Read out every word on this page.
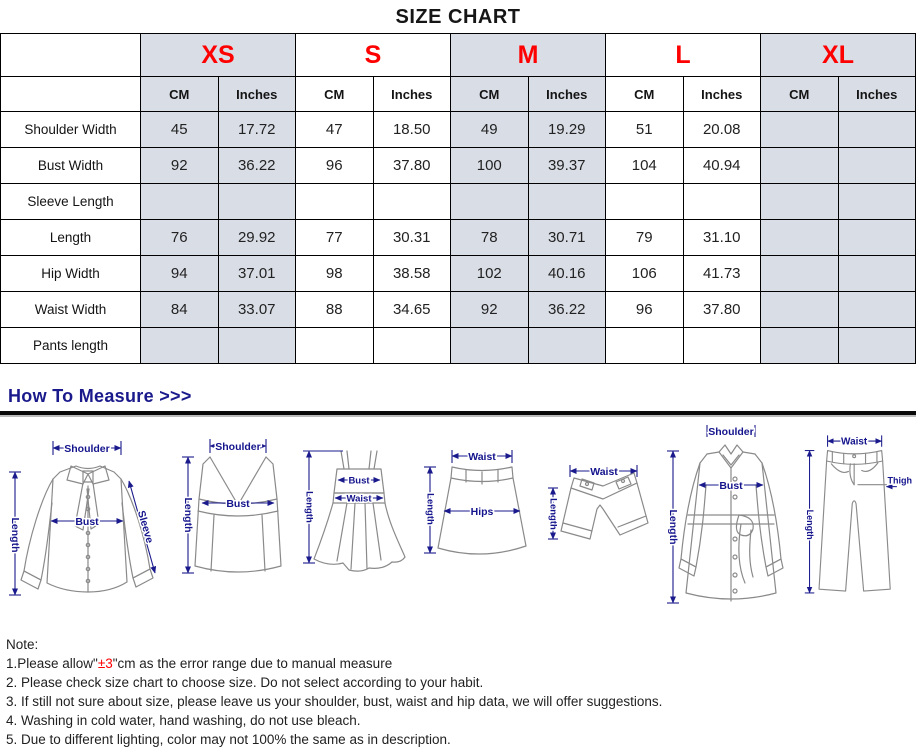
SIZE CHART
	XS		S		M		L		XL	
	CM	Inches	CM	Inches	CM	Inches	CM	Inches	CM	Inches
Shoulder Width	45	17.72	47	18.50	49	19.29	51	20.08		
Bust Width	92	36.22	96	37.80	100	39.37	104	40.94		
Sleeve Length										
Length	76	29.92	77	30.31	78	30.71	79	31.10		
Hip Width	94	37.01	98	38.58	102	40.16	106	41.73		
Waist Width	84	33.07	88	34.65	92	36.22	96	37.80		
Pants length										
How To Measure >>>
Shoulder
Length	Bust	Sleeve
Shoulder
Length	Bust	Length
Bust
Waist
Waist
Hips
Length
Waist
Length
Shoulder
Bust
Length
Waist
Thigh
Length
Note:
1.Please allow"±3"cm as the error range due to manual measure
2. Please check size chart to choose size. Do not select according to your habit.
3. If still not sure about size, please leave us your shoulder, bust, waist and hip data, we will offer suggestions.
4. Washing in cold water, hand washing, do not use bleach.
5. Due to different lighting, color may not 100% the same as in description.
